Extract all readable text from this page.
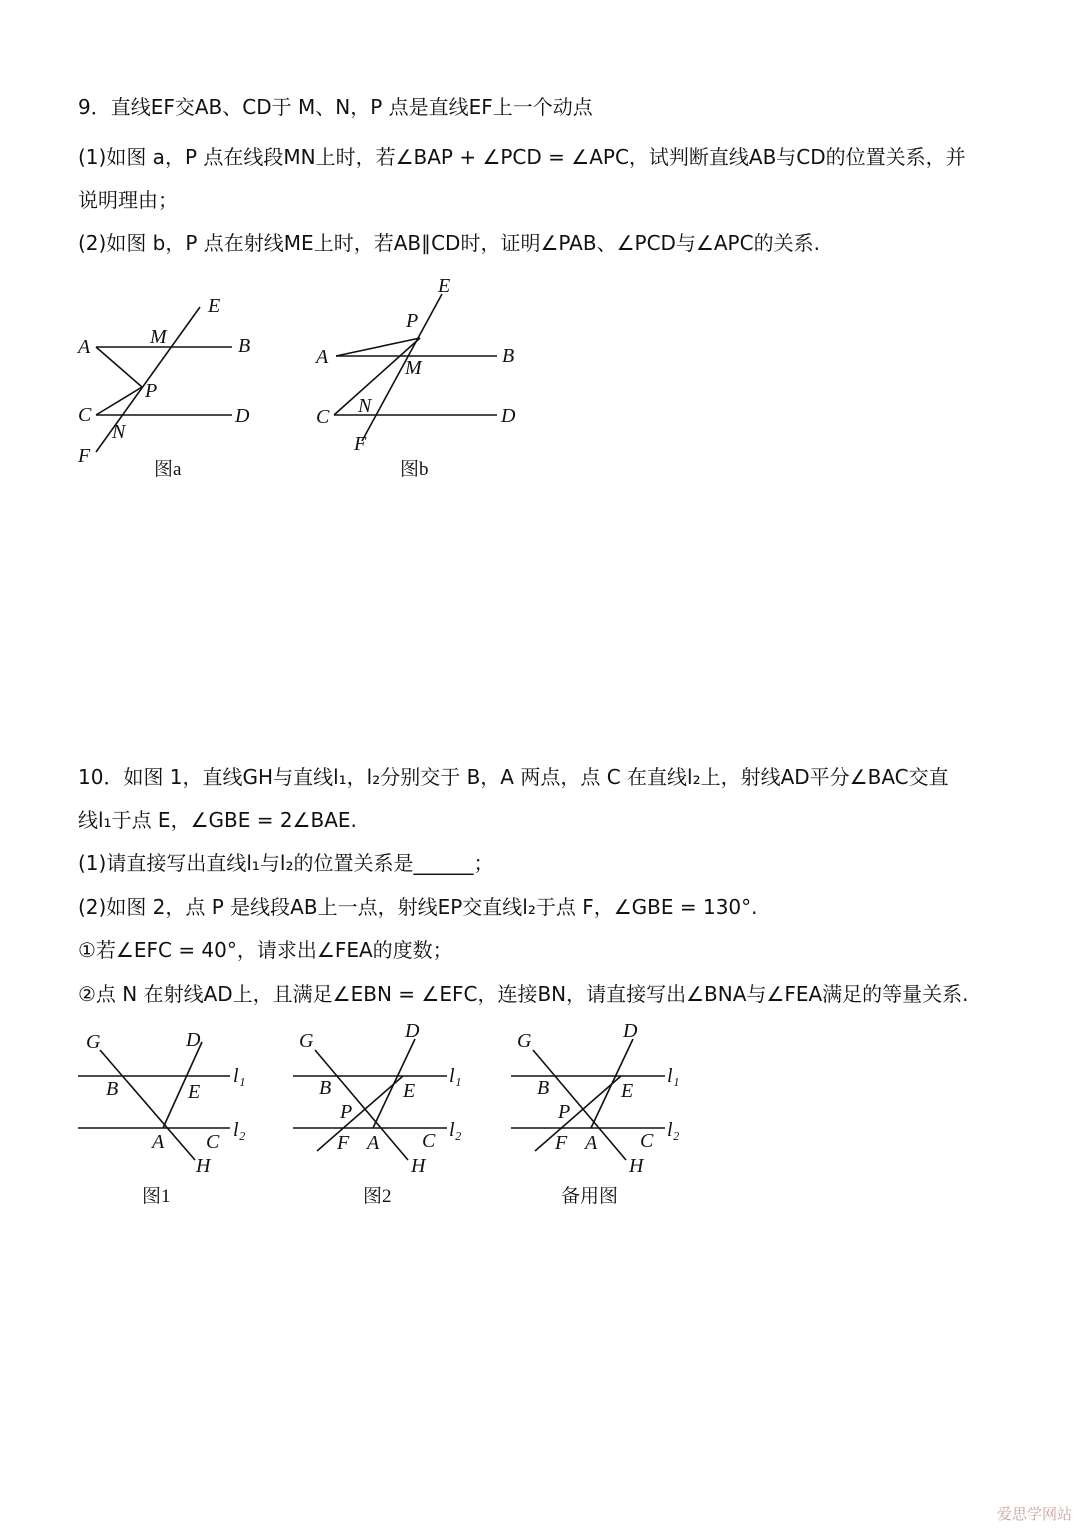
9．直线EF交AB、CD于 M、N，P 点是直线EF上一个动点
(1)如图 a，P 点在线段MN上时，若∠BAP + ∠PCD = ∠APC，试判断直线AB与CD的位置关系，并
说明理由；
(2)如图 b，P 点在射线ME上时，若AB∥CD时，证明∠PAB、∠PCD与∠APC的关系.
A	B
C	D
E
F
M
N
P
图a
A	B
C	D
E
F
M
N
P
图b
10．如图 1，直线GH与直线l₁，l₂分别交于 B，A 两点，点 C 在直线l₂上，射线AD平分∠BAC交直
线l₁于点 E，∠GBE = 2∠BAE.
(1)请直接写出直线l₁与l₂的位置关系是______；
(2)如图 2，点 P 是线段AB上一点，射线EP交直线l₂于点 F，∠GBE = 130°.
①若∠EFC = 40°，请求出∠FEA的度数；
②点 N 在射线AD上，且满足∠EBN = ∠EFC，连接BN，请直接写出∠BNA与∠FEA满足的等量关系.
G	D
l₁
B	E
l₂
A C
H
图1
G	D
l₁
B	E
P
l₂
F A C
H
图2
G	D
l₁
B	E
P
l₂
F A C
H
备用图
爱思学网站
